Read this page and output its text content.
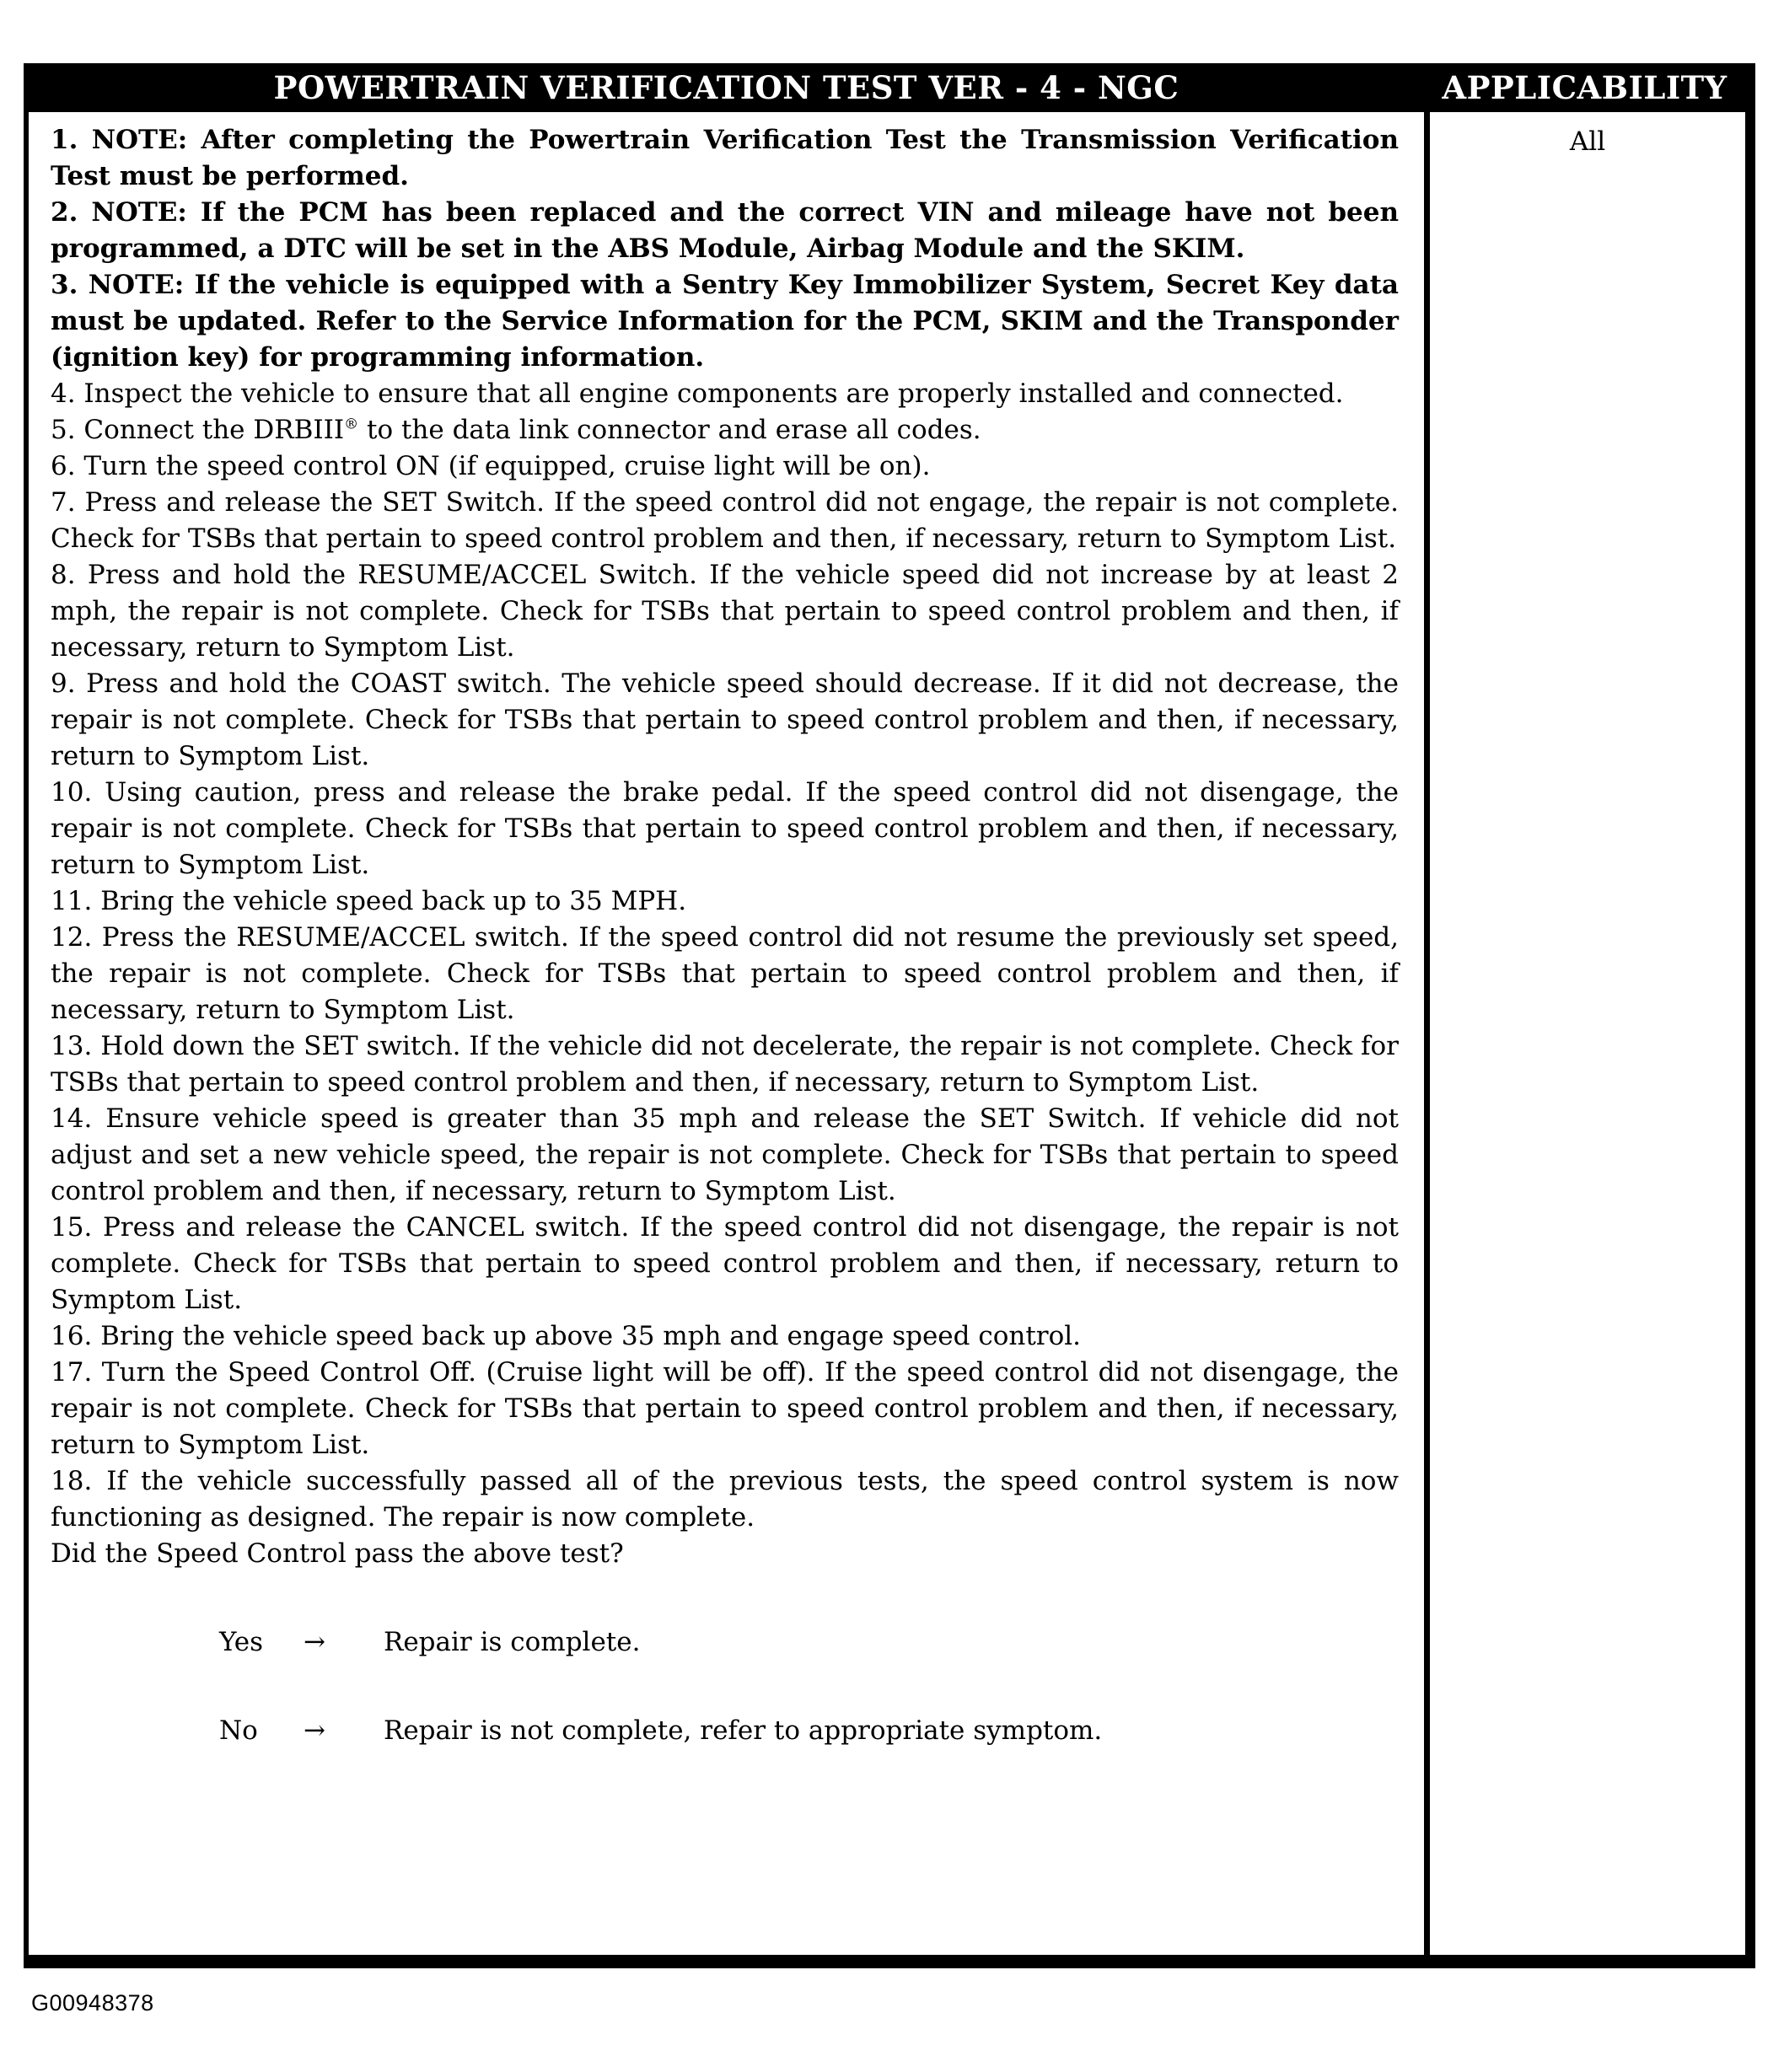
POWERTRAIN VERIFICATION TEST VER - 4 - NGC	APPLICABILITY

1. NOTE: After completing the Powertrain Verification Test the Transmission Verification Test must be performed.

2. NOTE: If the PCM has been replaced and the correct VIN and mileage have not been programmed, a DTC will be set in the ABS Module, Airbag Module and the SKIM.

3. NOTE: If the vehicle is equipped with a Sentry Key Immobilizer System, Secret Key data must be updated. Refer to the Service Information for the PCM, SKIM and the Transponder (ignition key) for programming information.

4. Inspect the vehicle to ensure that all engine components are properly installed and connected.

5. Connect the DRBIII® to the data link connector and erase all codes.

6. Turn the speed control ON (if equipped, cruise light will be on).

7. Press and release the SET Switch. If the speed control did not engage, the repair is not complete. Check for TSBs that pertain to speed control problem and then, if necessary, return to Symptom List.

8. Press and hold the RESUME/ACCEL Switch. If the vehicle speed did not increase by at least 2 mph, the repair is not complete. Check for TSBs that pertain to speed control problem and then, if necessary, return to Symptom List.

9. Press and hold the COAST switch. The vehicle speed should decrease. If it did not decrease, the repair is not complete. Check for TSBs that pertain to speed control problem and then, if necessary, return to Symptom List.

10. Using caution, press and release the brake pedal. If the speed control did not disengage, the repair is not complete. Check for TSBs that pertain to speed control problem and then, if necessary, return to Symptom List.

11. Bring the vehicle speed back up to 35 MPH.

12. Press the RESUME/ACCEL switch. If the speed control did not resume the previously set speed, the repair is not complete. Check for TSBs that pertain to speed control problem and then, if necessary, return to Symptom List.

13. Hold down the SET switch. If the vehicle did not decelerate, the repair is not complete. Check for TSBs that pertain to speed control problem and then, if necessary, return to Symptom List.

14. Ensure vehicle speed is greater than 35 mph and release the SET Switch. If vehicle did not adjust and set a new vehicle speed, the repair is not complete. Check for TSBs that pertain to speed control problem and then, if necessary, return to Symptom List.

15. Press and release the CANCEL switch. If the speed control did not disengage, the repair is not complete. Check for TSBs that pertain to speed control problem and then, if necessary, return to Symptom List.

16. Bring the vehicle speed back up above 35 mph and engage speed control.

17. Turn the Speed Control Off. (Cruise light will be off). If the speed control did not disengage, the repair is not complete. Check for TSBs that pertain to speed control problem and then, if necessary, return to Symptom List.

18. If the vehicle successfully passed all of the previous tests, the speed control system is now functioning as designed. The repair is now complete.

Did the Speed Control pass the above test?

Yes	→	Repair is complete.
No	→	Repair is not complete, refer to appropriate symptom.
All
G00948378
